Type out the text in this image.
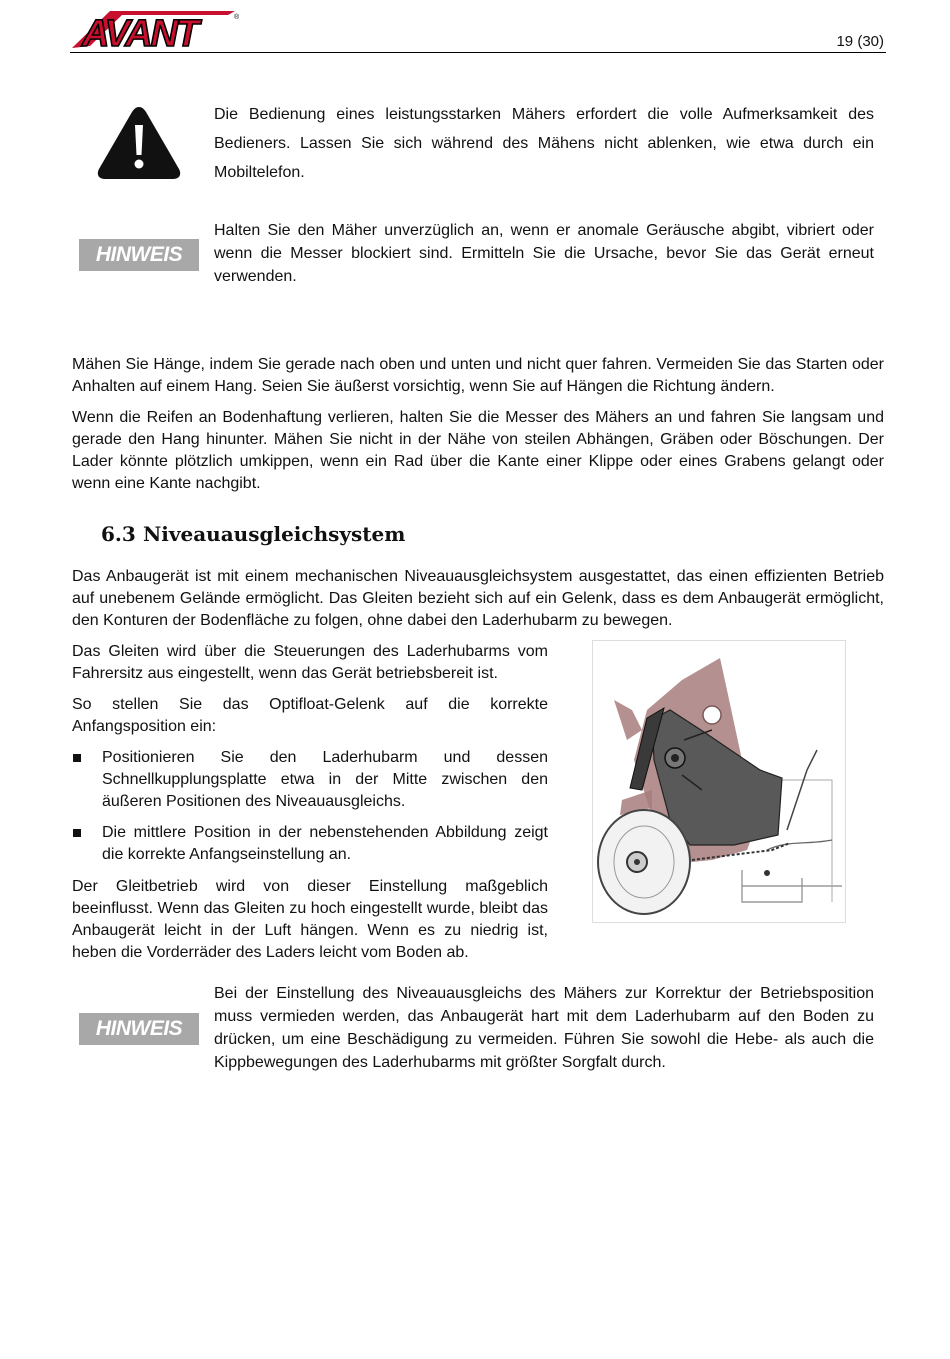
AVANT	®
19 (30)
Die Bedienung eines leistungsstarken Mähers erfordert die volle Aufmerksamkeit des
Bedieners. Lassen Sie sich während des Mähens nicht ablenken, wie etwa durch ein
Mobiltelefon.
HINWEIS
Halten Sie den Mäher unverzüglich an, wenn er anomale Geräusche abgibt, vibriert oder wenn die Messer blockiert sind. Ermitteln Sie die Ursache, bevor Sie das Gerät erneut verwenden.

Mähen Sie Hänge, indem Sie gerade nach oben und unten und nicht quer fahren. Vermeiden Sie das Starten oder Anhalten auf einem Hang. Seien Sie äußerst vorsichtig, wenn Sie auf Hängen die Richtung ändern.

Wenn die Reifen an Bodenhaftung verlieren, halten Sie die Messer des Mähers an und fahren Sie langsam und gerade den Hang hinunter. Mähen Sie nicht in der Nähe von steilen Abhängen, Gräben oder Böschungen. Der Lader könnte plötzlich umkippen, wenn ein Rad über die Kante einer Klippe oder eines Grabens gelangt oder wenn eine Kante nachgibt.

6.3 Niveauausgleichsystem

Das Anbaugerät ist mit einem mechanischen Niveauausgleichsystem ausgestattet, das einen effizienten Betrieb auf unebenem Gelände ermöglicht. Das Gleiten bezieht sich auf ein Gelenk, dass es dem Anbaugerät ermöglicht, den Konturen der Bodenfläche zu folgen, ohne dabei den Laderhubarm zu bewegen.

Das Gleiten wird über die Steuerungen des Laderhubarms vom Fahrersitz aus eingestellt, wenn das Gerät betriebsbereit ist.

So stellen Sie das Optifloat-Gelenk auf die korrekte Anfangsposition ein:

Positionieren Sie den Laderhubarm und dessen Schnellkupplungsplatte etwa in der Mitte zwischen den äußeren Positionen des Niveauausgleichs.
Die mittlere Position in der nebenstehenden Abbildung zeigt die korrekte Anfangseinstellung an.

Der Gleitbetrieb wird von dieser Einstellung maßgeblich beeinflusst. Wenn das Gleiten zu hoch eingestellt wurde, bleibt das Anbaugerät leicht in der Luft hängen. Wenn es zu niedrig ist, heben die Vorderräder des Laders leicht vom Boden ab.

HINWEIS
Bei der Einstellung des Niveauausgleichs des Mähers zur Korrektur der Betriebsposition muss vermieden werden, das Anbaugerät hart mit dem Laderhubarm auf den Boden zu drücken, um eine Beschädigung zu vermeiden. Führen Sie sowohl die Hebe- als auch die Kippbewegungen des Laderhubarms mit größter Sorgfalt durch.
